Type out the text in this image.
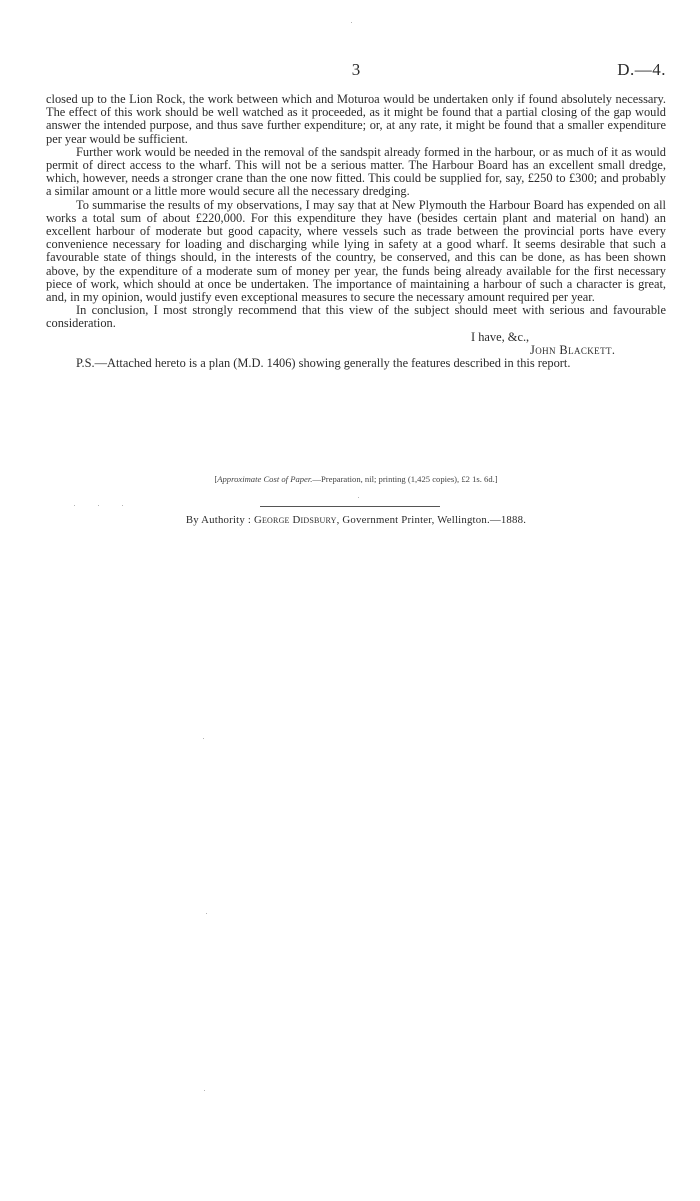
3	D.—4.

closed up to the Lion Rock, the work between which and Moturoa would be undertaken only if found absolutely necessary. The effect of this work should be well watched as it proceeded, as it might be found that a partial closing of the gap would answer the intended purpose, and thus save further expenditure; or, at any rate, it might be found that a smaller expenditure per year would be sufficient.

Further work would be needed in the removal of the sandspit already formed in the harbour, or as much of it as would permit of direct access to the wharf. This will not be a serious matter. The Harbour Board has an excellent small dredge, which, however, needs a stronger crane than the one now fitted. This could be supplied for, say, £250 to £300; and probably a similar amount or a little more would secure all the necessary dredging.

To summarise the results of my observations, I may say that at New Plymouth the Harbour Board has expended on all works a total sum of about £220,000. For this expenditure they have (besides certain plant and material on hand) an excellent harbour of moderate but good capacity, where vessels such as trade between the provincial ports have every convenience necessary for loading and discharging while lying in safety at a good wharf. It seems desirable that such a favourable state of things should, in the interests of the country, be conserved, and this can be done, as has been shown above, by the expenditure of a moderate sum of money per year, the funds being already available for the first necessary piece of work, which should at once be undertaken. The importance of maintaining a harbour of such a character is great, and, in my opinion, would justify even exceptional measures to secure the necessary amount required per year.

In conclusion, I most strongly recommend that this view of the subject should meet with serious and favourable consideration.

I have, &c.,
John Blackett.

P.S.—Attached hereto is a plan (M.D. 1406) showing generally the features described in this report.

[Approximate Cost of Paper.—Preparation, nil; printing (1,425 copies), £2 1s. 6d.]
By Authority : George Didsbury, Government Printer, Wellington.—1888.
